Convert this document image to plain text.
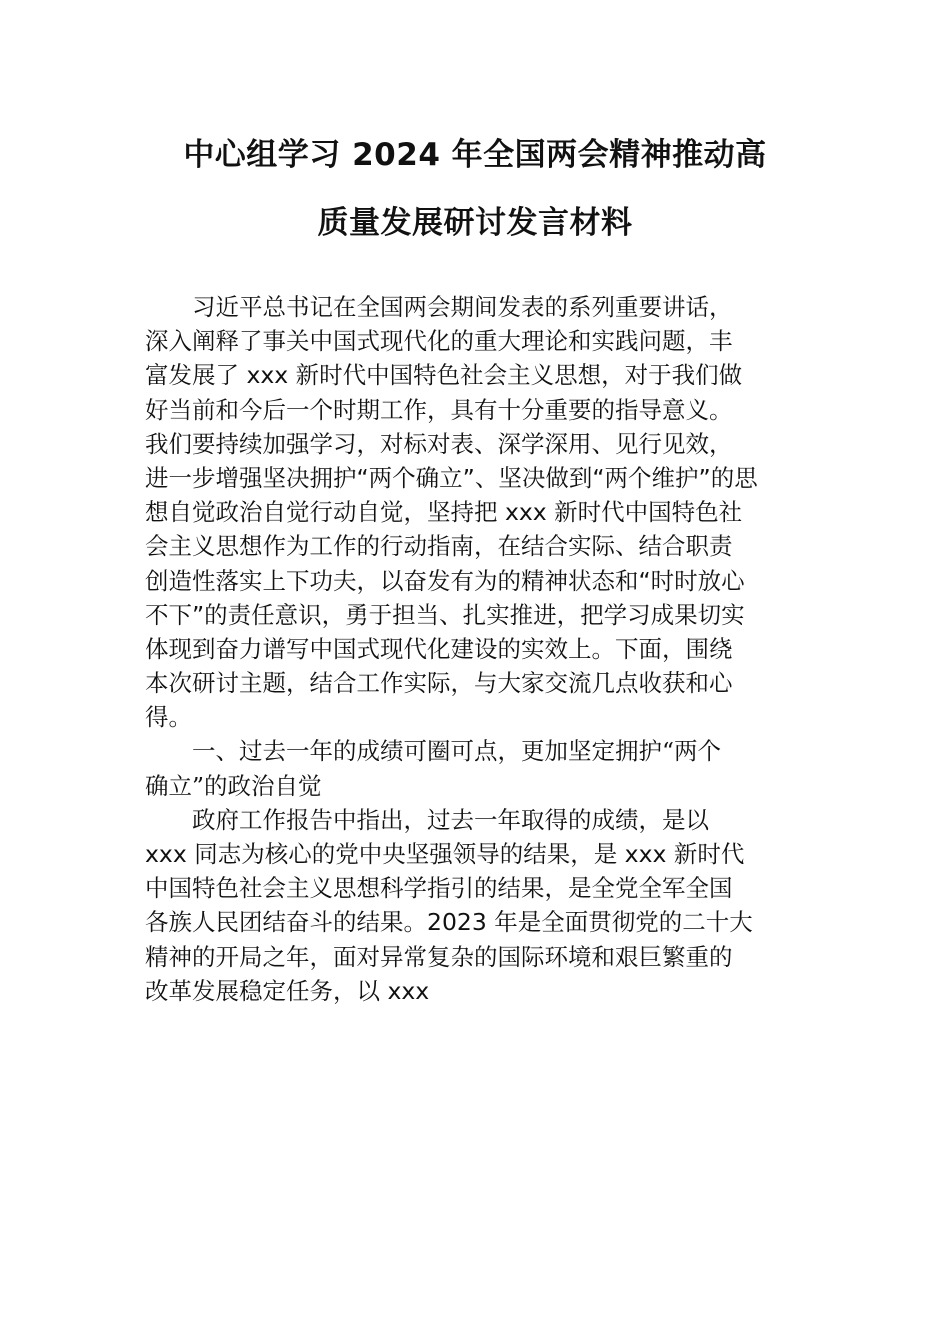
中心组学习 2024 年全国两会精神推动高
质量发展研讨发言材料
习近平总书记在全国两会期间发表的系列重要讲话，
深入阐释了事关中国式现代化的重大理论和实践问题，丰
富发展了 xxx 新时代中国特色社会主义思想，对于我们做
好当前和今后一个时期工作，具有十分重要的指导意义。
我们要持续加强学习，对标对表、深学深用、见行见效，
进一步增强坚决拥护“两个确立”、坚决做到“两个维护”的思
想自觉政治自觉行动自觉，坚持把 xxx 新时代中国特色社
会主义思想作为工作的行动指南，在结合实际、结合职责
创造性落实上下功夫，以奋发有为的精神状态和“时时放心
不下”的责任意识，勇于担当、扎实推进，把学习成果切实
体现到奋力谱写中国式现代化建设的实效上。下面，围绕
本次研讨主题，结合工作实际，与大家交流几点收获和心
得。
一、过去一年的成绩可圈可点，更加坚定拥护“两个
确立”的政治自觉
政府工作报告中指出，过去一年取得的成绩，是以
xxx 同志为核心的党中央坚强领导的结果，是 xxx 新时代
中国特色社会主义思想科学指引的结果，是全党全军全国
各族人民团结奋斗的结果。2023 年是全面贯彻党的二十大
精神的开局之年，面对异常复杂的国际环境和艰巨繁重的
改革发展稳定任务，以 xxx
